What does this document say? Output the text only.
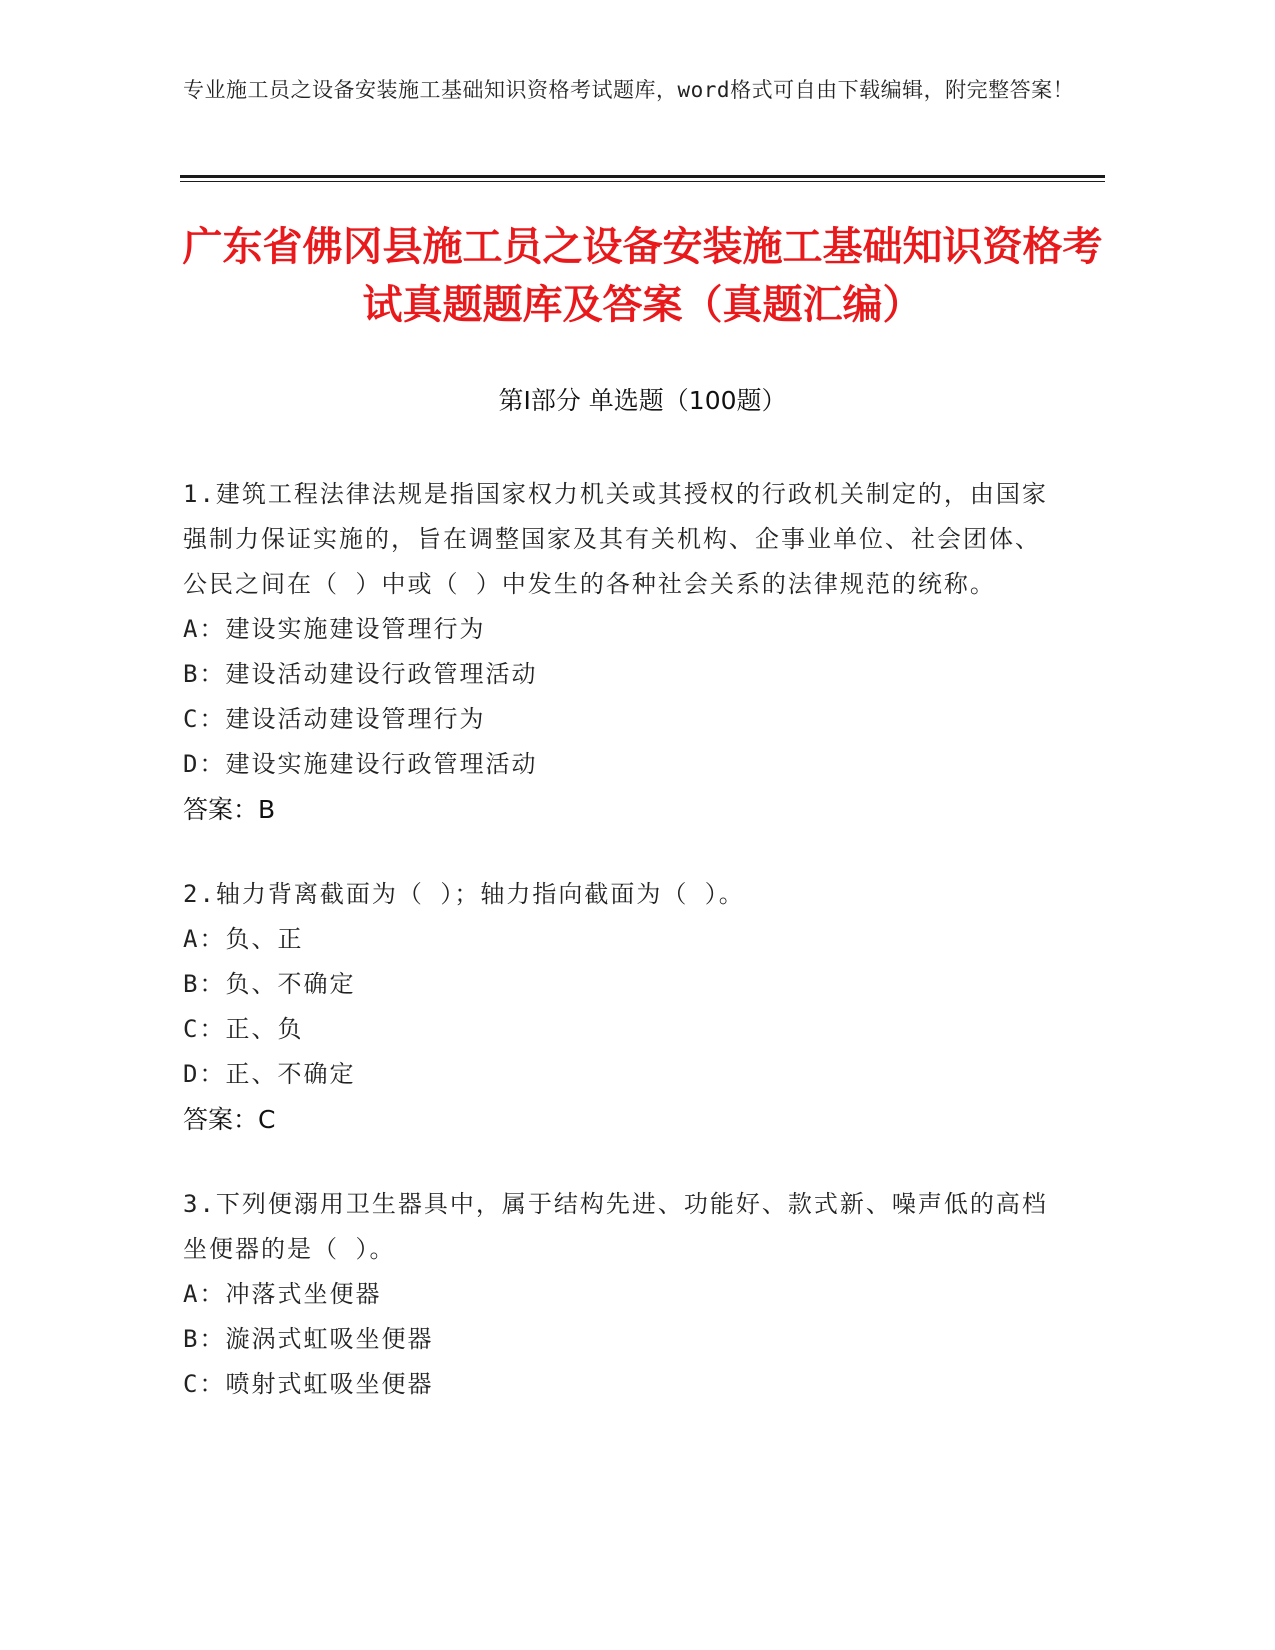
专业施工员之设备安装施工基础知识资格考试题库，word格式可自由下载编辑，附完整答案！
广东省佛冈县施工员之设备安装施工基础知识资格考试真题题库及答案（真题汇编）
第Ⅰ部分 单选题（100题）
1.建筑工程法律法规是指国家权力机关或其授权的行政机关制定的，由国家强制力保证实施的，旨在调整国家及其有关机构、企事业单位、社会团体、公民之间在（ ）中或（ ）中发生的各种社会关系的法律规范的统称。
A：建设实施建设管理行为
B：建设活动建设行政管理活动
C：建设活动建设管理行为
D：建设实施建设行政管理活动
答案：B
2.轴力背离截面为（ ）；轴力指向截面为（ ）。
A：负、正
B：负、不确定
C：正、负
D：正、不确定
答案：C
3.下列便溺用卫生器具中，属于结构先进、功能好、款式新、噪声低的高档坐便器的是（ ）。
A：冲落式坐便器
B：漩涡式虹吸坐便器
C：喷射式虹吸坐便器
